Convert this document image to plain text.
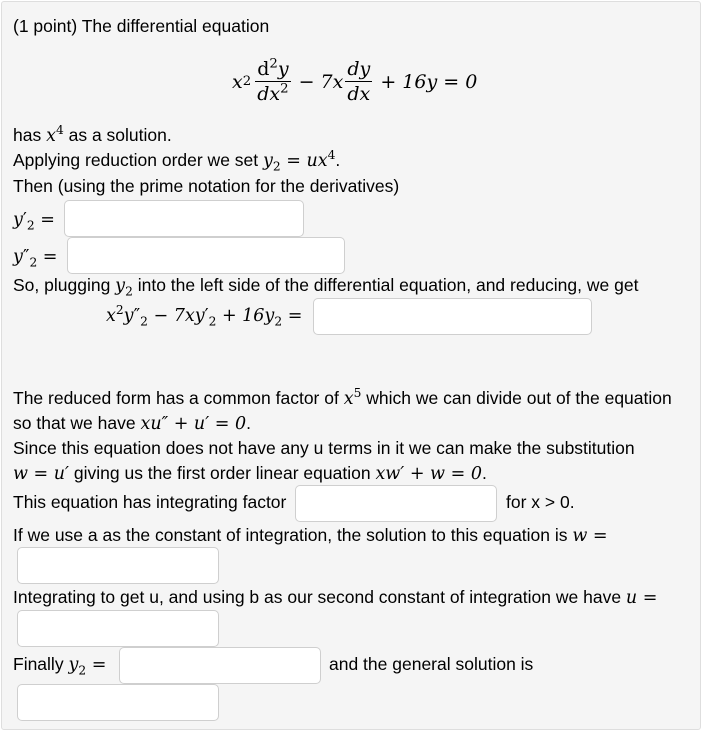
(1 point) The differential equation
x $2 \frac{d^2y}{dx^2} - 7x \frac{dy}{dx} + 16y = 0$
has $x^4$ as a solution.
Applying reduction order we set $y_2 = ux^4$.
Then (using the prime notation for the derivatives)
$y'_2$ =
$y''_2$ =
So, plugging $y_2$ into the left side of the differential equation, and reducing, we get
$x^2y''_2 - 7xy'_2 + 16y_2$ =
The reduced form has a common factor of $x^5$ which we can divide out of the equation
so that we have xu″ + u′ = 0.
Since this equation does not have any u terms in it we can make the substitution
w = u′ giving us the first order linear equation xw′ + w = 0.
This equation has integrating factor	for x > 0.
If we use a as the constant of integration, the solution to this equation is w =
Integrating to get u, and using b as our second constant of integration we have u =
Finally $y_2$ =	and the general solution is
